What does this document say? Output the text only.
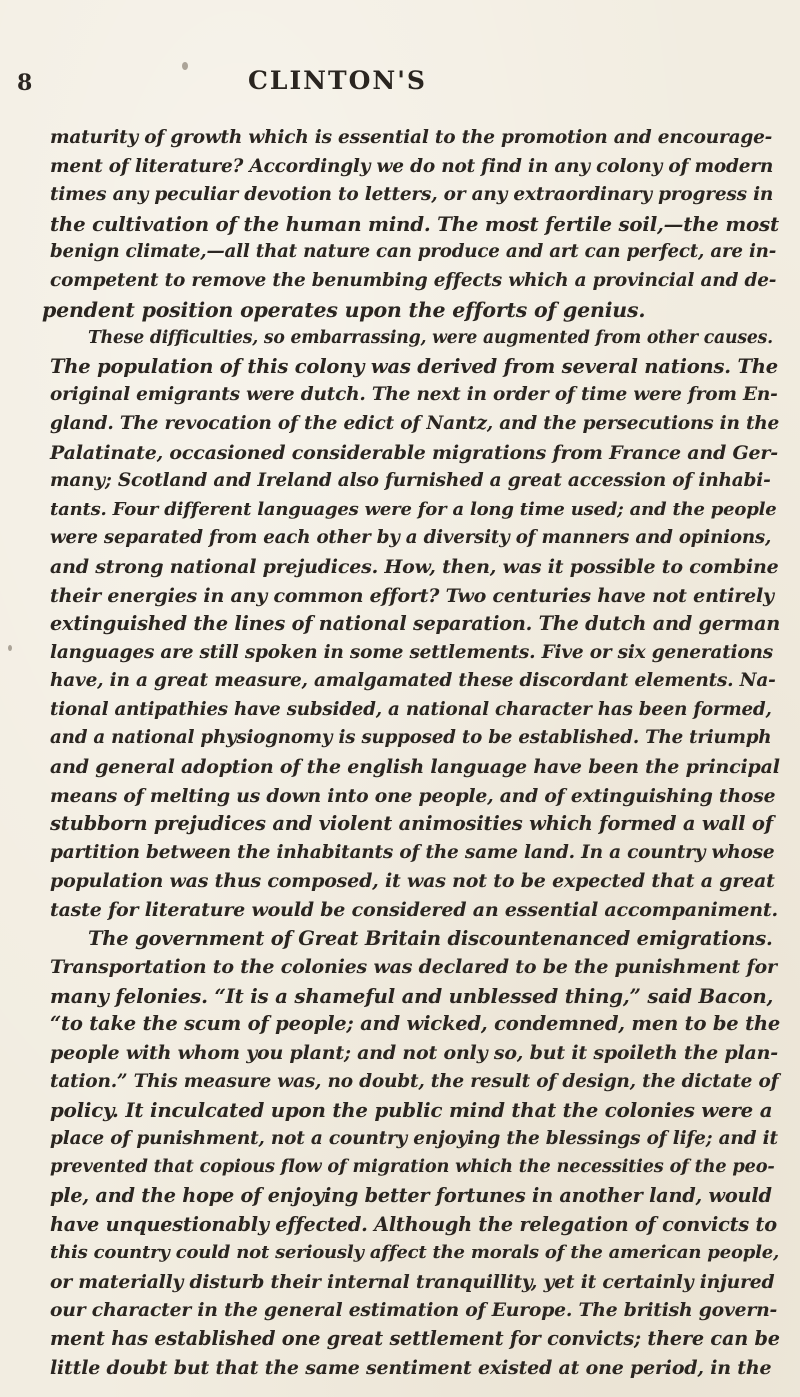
8	CLINTON'S
maturity of growth which is essential to the promotion and encourage-
ment of literature? Accordingly we do not find in any colony of modern
times any peculiar devotion to letters, or any extraordinary progress in
the cultivation of the human mind. The most fertile soil,—the most
benign climate,—all that nature can produce and art can perfect, are in-
competent to remove the benumbing effects which a provincial and de-
pendent position operates upon the efforts of genius.
These difficulties, so embarrassing, were augmented from other causes.
The population of this colony was derived from several nations. The
original emigrants were dutch. The next in order of time were from En-
gland. The revocation of the edict of Nantz, and the persecutions in the
Palatinate, occasioned considerable migrations from France and Ger-
many; Scotland and Ireland also furnished a great accession of inhabi-
tants. Four different languages were for a long time used; and the people
were separated from each other by a diversity of manners and opinions,
and strong national prejudices. How, then, was it possible to combine
their energies in any common effort? Two centuries have not entirely
extinguished the lines of national separation. The dutch and german
languages are still spoken in some settlements. Five or six generations
have, in a great measure, amalgamated these discordant elements. Na-
tional antipathies have subsided, a national character has been formed,
and a national physiognomy is supposed to be established. The triumph
and general adoption of the english language have been the principal
means of melting us down into one people, and of extinguishing those
stubborn prejudices and violent animosities which formed a wall of
partition between the inhabitants of the same land. In a country whose
population was thus composed, it was not to be expected that a great
taste for literature would be considered an essential accompaniment.
The government of Great Britain discountenanced emigrations.
Transportation to the colonies was declared to be the punishment for
many felonies. “It is a shameful and unblessed thing,” said Bacon,
“to take the scum of people; and wicked, condemned, men to be the
people with whom you plant; and not only so, but it spoileth the plan-
tation.” This measure was, no doubt, the result of design, the dictate of
policy. It inculcated upon the public mind that the colonies were a
place of punishment, not a country enjoying the blessings of life; and it
prevented that copious flow of migration which the necessities of the peo-
ple, and the hope of enjoying better fortunes in another land, would
have unquestionably effected. Although the relegation of convicts to
this country could not seriously affect the morals of the american people,
or materially disturb their internal tranquillity, yet it certainly injured
our character in the general estimation of Europe. The british govern-
ment has established one great settlement for convicts; there can be
little doubt but that the same sentiment existed at one period, in the
